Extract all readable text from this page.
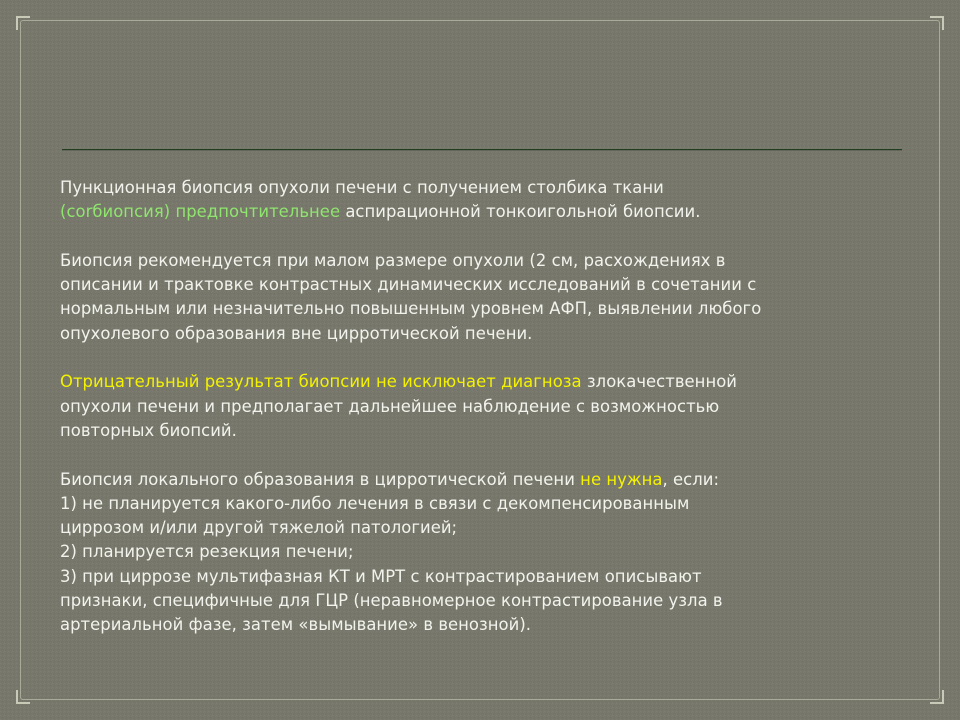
Пункционная биопсия опухоли печени с получением столбика ткани
(corбиопсия) предпочтительнее аспирационной тонкоигольной биопсии.

Биопсия рекомендуется при малом размере опухоли (2 см, расхождениях в
описании и трактовке контрастных динамических исследований в сочетании с
нормальным или незначительно повышенным уровнем АФП, выявлении любого
опухолевого образования вне цирротической печени.

Отрицательный результат биопсии не исключает диагноза злокачественной
опухоли печени и предполагает дальнейшее наблюдение с возможностью
повторных биопсий.

Биопсия локального образования в цирротической печени не нужна, если:
1) не планируется какого-либо лечения в связи с декомпенсированным
циррозом и/или другой тяжелой патологией;
2) планируется резекция печени;
3) при циррозе мультифазная КТ и МРТ с контрастированием описывают
признаки, специфичные для ГЦР (неравномерное контрастирование узла в
артериальной фазе, затем «вымывание» в венозной).
